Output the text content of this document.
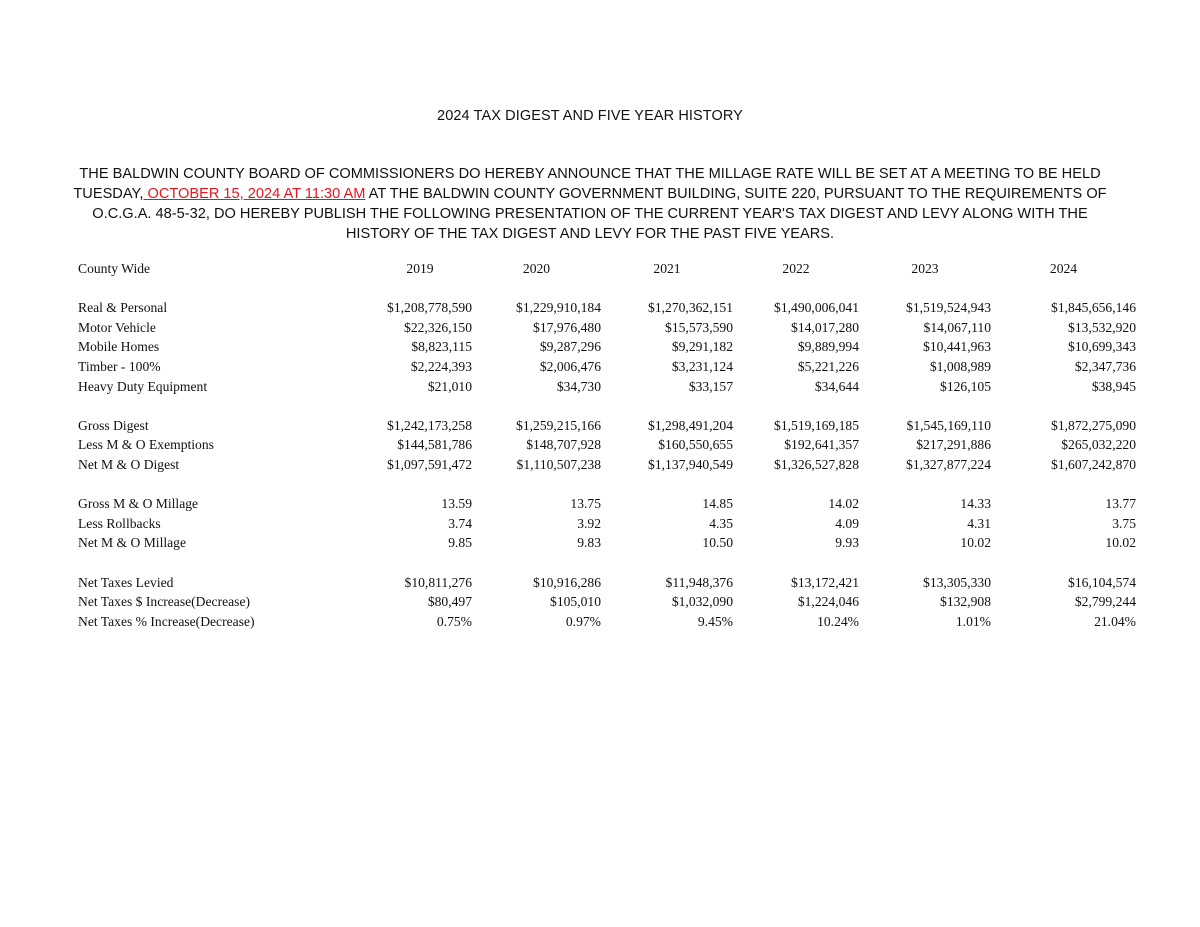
2024 TAX DIGEST AND FIVE YEAR HISTORY
THE BALDWIN COUNTY BOARD OF COMMISSIONERS DO HEREBY ANNOUNCE THAT THE MILLAGE RATE WILL BE SET AT A MEETING TO BE HELD TUESDAY, OCTOBER 15, 2024 AT 11:30 AM AT THE BALDWIN COUNTY GOVERNMENT BUILDING, SUITE 220, PURSUANT TO THE REQUIREMENTS OF O.C.G.A. 48-5-32, DO HEREBY PUBLISH THE FOLLOWING PRESENTATION OF THE CURRENT YEAR'S TAX DIGEST AND LEVY ALONG WITH THE HISTORY OF THE TAX DIGEST AND LEVY FOR THE PAST FIVE YEARS.
County Wide	2019	2020	2021	2022	2023	2024

Real & Personal	$1,208,778,590	$1,229,910,184	$1,270,362,151	$1,490,006,041	$1,519,524,943	$1,845,656,146
Motor Vehicle	$22,326,150	$17,976,480	$15,573,590	$14,017,280	$14,067,110	$13,532,920
Mobile Homes	$8,823,115	$9,287,296	$9,291,182	$9,889,994	$10,441,963	$10,699,343
Timber - 100%	$2,224,393	$2,006,476	$3,231,124	$5,221,226	$1,008,989	$2,347,736
Heavy Duty Equipment	$21,010	$34,730	$33,157	$34,644	$126,105	$38,945

Gross Digest	$1,242,173,258	$1,259,215,166	$1,298,491,204	$1,519,169,185	$1,545,169,110	$1,872,275,090
Less M & O Exemptions	$144,581,786	$148,707,928	$160,550,655	$192,641,357	$217,291,886	$265,032,220
Net M & O Digest	$1,097,591,472	$1,110,507,238	$1,137,940,549	$1,326,527,828	$1,327,877,224	$1,607,242,870

Gross M & O Millage	13.59	13.75	14.85	14.02	14.33	13.77
Less Rollbacks	3.74	3.92	4.35	4.09	4.31	3.75
Net M & O Millage	9.85	9.83	10.50	9.93	10.02	10.02

Net Taxes Levied	$10,811,276	$10,916,286	$11,948,376	$13,172,421	$13,305,330	$16,104,574
Net Taxes $ Increase(Decrease)	$80,497	$105,010	$1,032,090	$1,224,046	$132,908	$2,799,244
Net Taxes % Increase(Decrease)	0.75%	0.97%	9.45%	10.24%	1.01%	21.04%
